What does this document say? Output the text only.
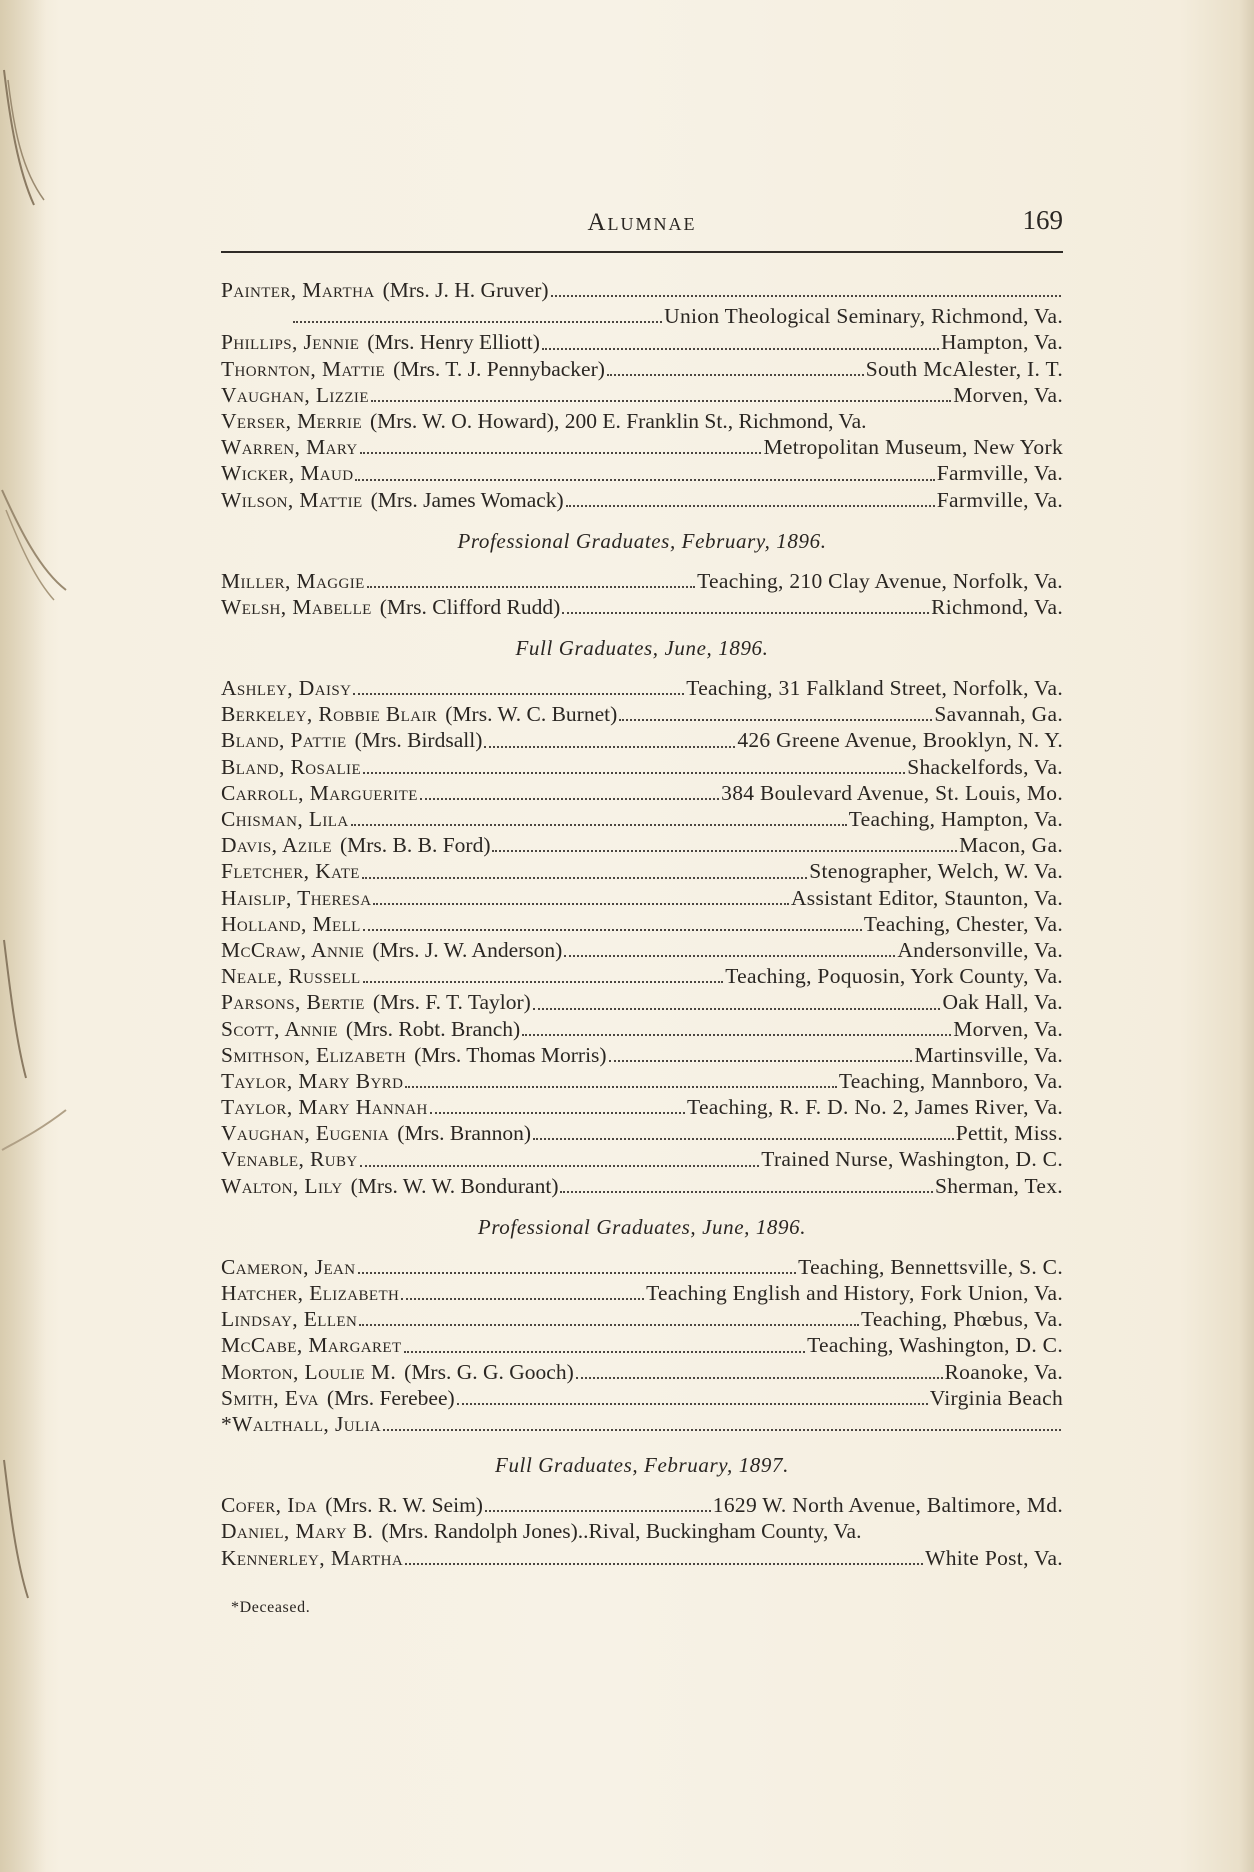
Alumnae	169
Painter, Martha (Mrs. J. H. Gruver)
Union Theological Seminary, Richmond, Va.
Phillips, Jennie (Mrs. Henry Elliott)	Hampton, Va.
Thornton, Mattie (Mrs. T. J. Pennybacker)	South McAlester, I. T.
Vaughan, Lizzie	Morven, Va.
Verser, Merrie (Mrs. W. O. Howard), 200 E. Franklin St., Richmond, Va.
Warren, Mary	Metropolitan Museum, New York
Wicker, Maud	Farmville, Va.
Wilson, Mattie (Mrs. James Womack)	Farmville, Va.
Professional Graduates, February, 1896.
Miller, Maggie	Teaching, 210 Clay Avenue, Norfolk, Va.
Welsh, Mabelle (Mrs. Clifford Rudd)	Richmond, Va.
Full Graduates, June, 1896.
Ashley, Daisy	Teaching, 31 Falkland Street, Norfolk, Va.
Berkeley, Robbie Blair (Mrs. W. C. Burnet)	Savannah, Ga.
Bland, Pattie (Mrs. Birdsall)	426 Greene Avenue, Brooklyn, N. Y.
Bland, Rosalie	Shackelfords, Va.
Carroll, Marguerite	384 Boulevard Avenue, St. Louis, Mo.
Chisman, Lila	Teaching, Hampton, Va.
Davis, Azile (Mrs. B. B. Ford)	Macon, Ga.
Fletcher, Kate	Stenographer, Welch, W. Va.
Haislip, Theresa	Assistant Editor, Staunton, Va.
Holland, Mell	Teaching, Chester, Va.
McCraw, Annie (Mrs. J. W. Anderson)	Andersonville, Va.
Neale, Russell	Teaching, Poquosin, York County, Va.
Parsons, Bertie (Mrs. F. T. Taylor)	Oak Hall, Va.
Scott, Annie (Mrs. Robt. Branch)	Morven, Va.
Smithson, Elizabeth (Mrs. Thomas Morris)	Martinsville, Va.
Taylor, Mary Byrd	Teaching, Mannboro, Va.
Taylor, Mary Hannah	Teaching, R. F. D. No. 2, James River, Va.
Vaughan, Eugenia (Mrs. Brannon)	Pettit, Miss.
Venable, Ruby	Trained Nurse, Washington, D. C.
Walton, Lily (Mrs. W. W. Bondurant)	Sherman, Tex.
Professional Graduates, June, 1896.
Cameron, Jean	Teaching, Bennettsville, S. C.
Hatcher, Elizabeth	Teaching English and History, Fork Union, Va.
Lindsay, Ellen	Teaching, Phœbus, Va.
McCabe, Margaret	Teaching, Washington, D. C.
Morton, Loulie M. (Mrs. G. G. Gooch)	Roanoke, Va.
Smith, Eva (Mrs. Ferebee)	Virginia Beach
*Walthall, Julia
Full Graduates, February, 1897.
Cofer, Ida (Mrs. R. W. Seim)	1629 W. North Avenue, Baltimore, Md.
Daniel, Mary B. (Mrs. Randolph Jones)..Rival, Buckingham County, Va.
Kennerley, Martha	White Post, Va.
*Deceased.
